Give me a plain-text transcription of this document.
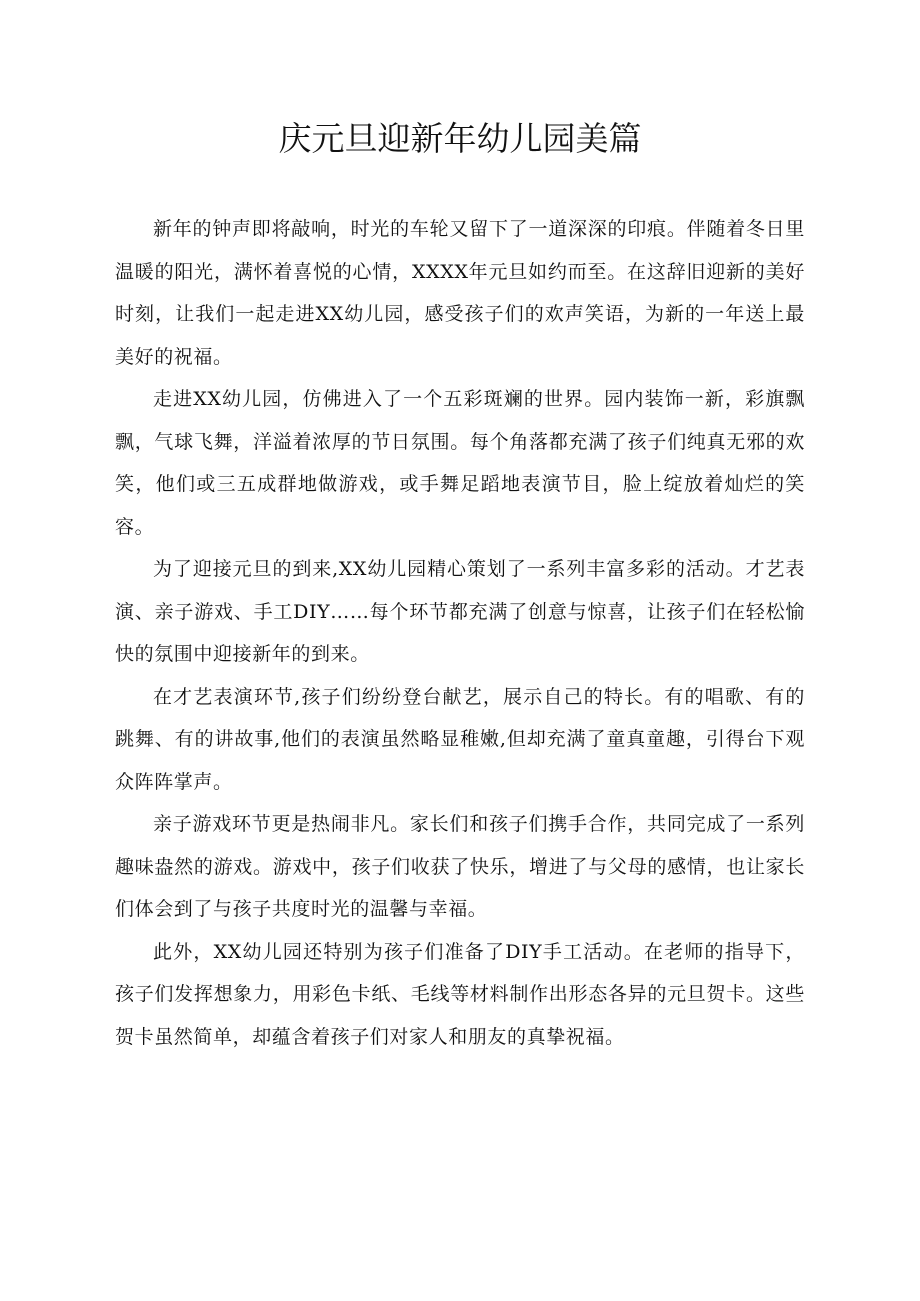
庆元旦迎新年幼儿园美篇

新年的钟声即将敲响，时光的车轮又留下了一道深深的印痕。伴随着冬日里温暖的阳光，满怀着喜悦的心情，XXXX年元旦如约而至。在这辞旧迎新的美好时刻，让我们一起走进XX幼儿园，感受孩子们的欢声笑语，为新的一年送上最美好的祝福。

走进XX幼儿园，仿佛进入了一个五彩斑斓的世界。园内装饰一新，彩旗飘飘，气球飞舞，洋溢着浓厚的节日氛围。每个角落都充满了孩子们纯真无邪的欢笑，他们或三五成群地做游戏，或手舞足蹈地表演节目，脸上绽放着灿烂的笑容。

为了迎接元旦的到来,XX幼儿园精心策划了一系列丰富多彩的活动。才艺表演、亲子游戏、手工DIY……每个环节都充满了创意与惊喜，让孩子们在轻松愉快的氛围中迎接新年的到来。

在才艺表演环节,孩子们纷纷登台献艺，展示自己的特长。有的唱歌、有的跳舞、有的讲故事,他们的表演虽然略显稚嫩,但却充满了童真童趣，引得台下观众阵阵掌声。

亲子游戏环节更是热闹非凡。家长们和孩子们携手合作，共同完成了一系列趣味盎然的游戏。游戏中，孩子们收获了快乐，增进了与父母的感情，也让家长们体会到了与孩子共度时光的温馨与幸福。

此外，XX幼儿园还特别为孩子们准备了DIY手工活动。在老师的指导下，孩子们发挥想象力，用彩色卡纸、毛线等材料制作出形态各异的元旦贺卡。这些贺卡虽然简单，却蕴含着孩子们对家人和朋友的真挚祝福。
